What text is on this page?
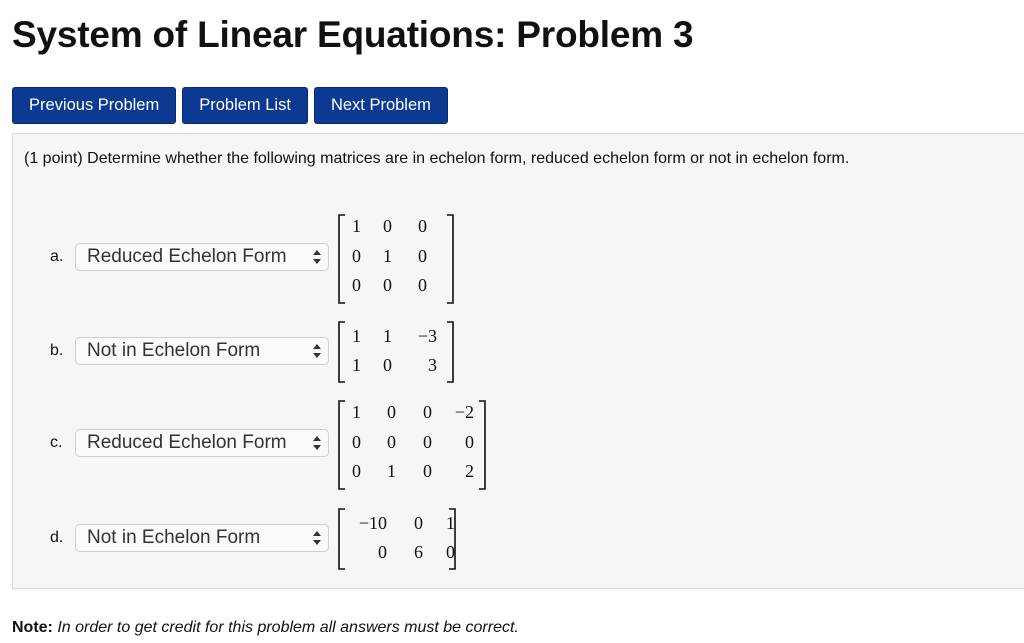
System of Linear Equations: Problem 3
Previous Problem	Problem List	Next Problem
(1 point) Determine whether the following matrices are in echelon form, reduced echelon form or not in echelon form.
a.	Reduced Echelon Form
1 0 0
0 1 0
0 0 0
b.	Not in Echelon Form
1 1 −3
1 0 3
c.	Reduced Echelon Form
1 0 0 −2
0 0 0 0
0 1 0 2
d.	Not in Echelon Form
−10 0 1
0 6 0
Note: In order to get credit for this problem all answers must be correct.
